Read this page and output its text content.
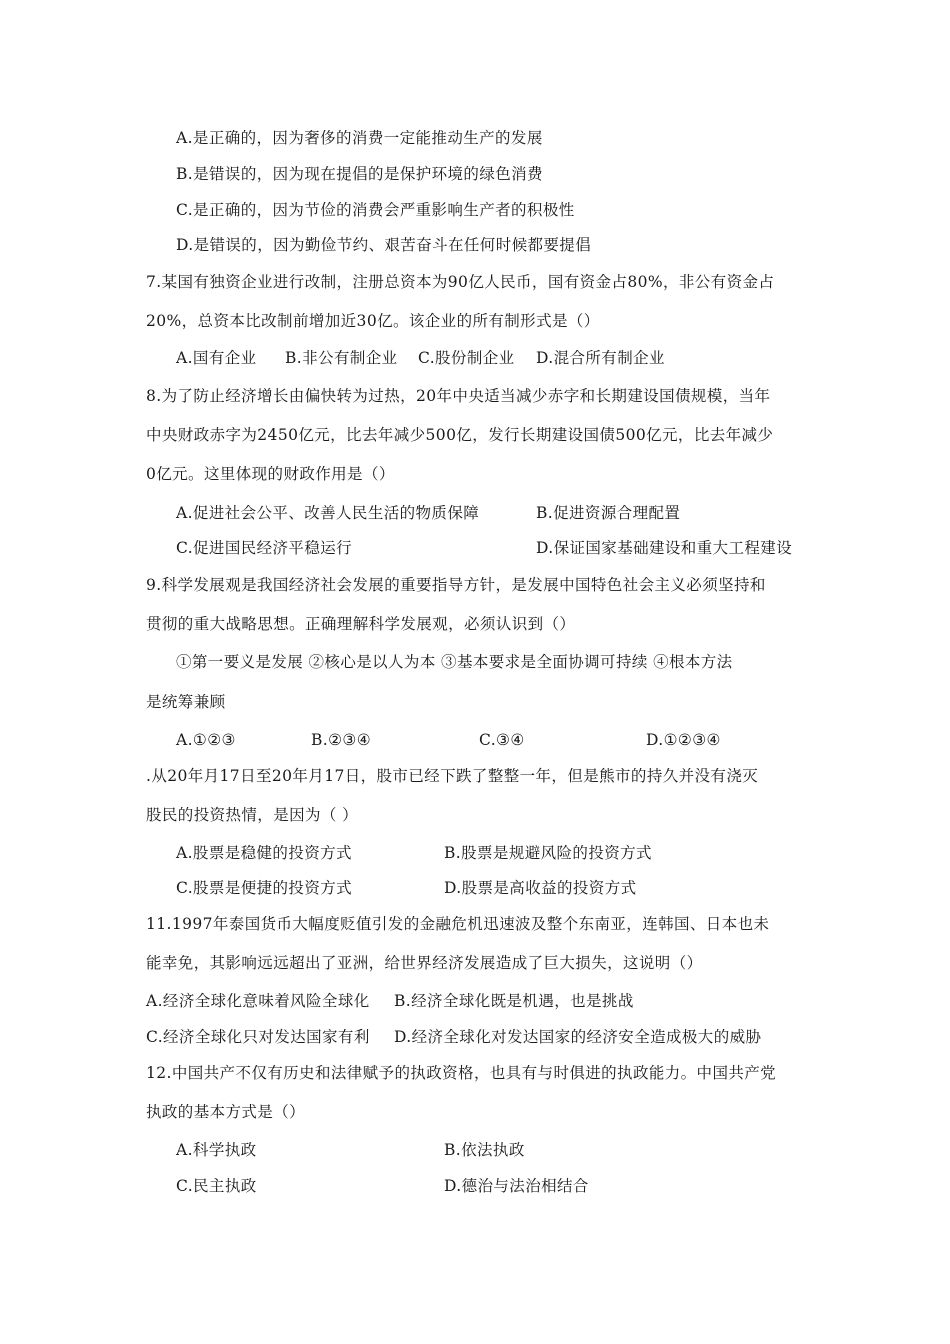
A.是正确的，因为奢侈的消费一定能推动生产的发展
B.是错误的，因为现在提倡的是保护环境的绿色消费
C.是正确的，因为节俭的消费会严重影响生产者的积极性
D.是错误的，因为勤俭节约、艰苦奋斗在任何时候都要提倡
7.某国有独资企业进行改制，注册总资本为90亿人民币，国有资金占80%，非公有资金占
20%，总资本比改制前增加近30亿。该企业的所有制形式是（）
A.国有企业 B.非公有制企业 C.股份制企业 D.混合所有制企业
8.为了防止经济增长由偏快转为过热，20年中央适当减少赤字和长期建设国债规模，当年
中央财政赤字为2450亿元，比去年减少500亿，发行长期建设国债500亿元，比去年减少
0亿元。这里体现的财政作用是（）
A.促进社会公平、改善人民生活的物质保障	B.促进资源合理配置
C.促进国民经济平稳运行	D.保证国家基础建设和重大工程建设
9.科学发展观是我国经济社会发展的重要指导方针，是发展中国特色社会主义必须坚持和
贯彻的重大战略思想。正确理解科学发展观，必须认识到（）
①第一要义是发展 ②核心是以人为本 ③基本要求是全面协调可持续 ④根本方法
是统筹兼顾
A.①②③	B.②③④	C.③④	D.①②③④
.从20年月17日至20年月17日，股市已经下跌了整整一年，但是熊市的持久并没有浇灭
股民的投资热情，是因为（ ）
A.股票是稳健的投资方式	B.股票是规避风险的投资方式
C.股票是便捷的投资方式	D.股票是高收益的投资方式
11.1997年泰国货币大幅度贬值引发的金融危机迅速波及整个东南亚，连韩国、日本也未
能幸免，其影响远远超出了亚洲，给世界经济发展造成了巨大损失，这说明（）
A.经济全球化意味着风险全球化 B.经济全球化既是机遇，也是挑战
C.经济全球化只对发达国家有利 D.经济全球化对发达国家的经济安全造成极大的威胁
12.中国共产不仅有历史和法律赋予的执政资格，也具有与时俱进的执政能力。中国共产党
执政的基本方式是（）
A.科学执政	B.依法执政
C.民主执政	D.德治与法治相结合
